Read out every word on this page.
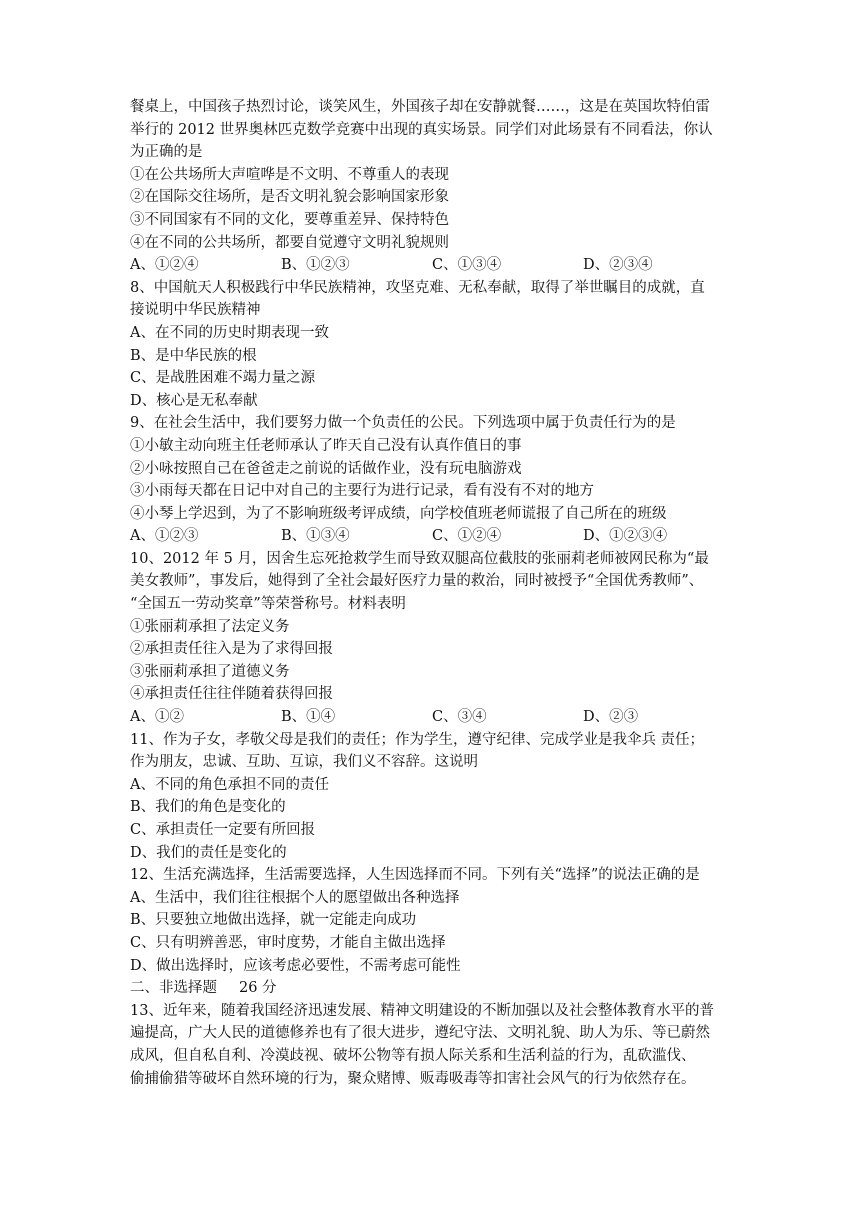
餐桌上，中国孩子热烈讨论，谈笑风生，外国孩子却在安静就餐……，这是在英国坎特伯雷
举行的 2012 世界奥林匹克数学竞赛中出现的真实场景。同学们对此场景有不同看法，你认
为正确的是
①在公共场所大声喧哗是不文明、不尊重人的表现
②在国际交往场所，是否文明礼貌会影响国家形象
③不同国家有不同的文化，要尊重差异、保持特色
④在不同的公共场所，都要自觉遵守文明礼貌规则
A、①②④	B、①②③	C、①③④	D、②③④
8、中国航天人积极践行中华民族精神，攻坚克难、无私奉献，取得了举世瞩目的成就，直
接说明中华民族精神
A、在不同的历史时期表现一致
B、是中华民族的根
C、是战胜困难不竭力量之源
D、核心是无私奉献
9、在社会生活中，我们要努力做一个负责任的公民。下列选项中属于负责任行为的是
①小敏主动向班主任老师承认了昨天自己没有认真作值日的事
②小咏按照自己在爸爸走之前说的话做作业，没有玩电脑游戏
③小雨每天都在日记中对自己的主要行为进行记录，看有没有不对的地方
④小琴上学迟到，为了不影响班级考评成绩，向学校值班老师谎报了自己所在的班级
A、①②③	B、①③④	C、①②④	D、①②③④
10、2012 年 5 月，因舍生忘死抢救学生而导致双腿高位截肢的张丽莉老师被网民称为“最
美女教师”，事发后，她得到了全社会最好医疗力量的救治，同时被授予“全国优秀教师”、
“全国五一劳动奖章”等荣誉称号。材料表明
①张丽莉承担了法定义务
②承担责任往入是为了求得回报
③张丽莉承担了道德义务
④承担责任往往伴随着获得回报
A、①②	B、①④	C、③④	D、②③
11、作为子女，孝敬父母是我们的责任；作为学生，遵守纪律、完成学业是我伞兵 责任；
作为朋友，忠诚、互助、互谅，我们义不容辞。这说明
A、不同的角色承担不同的责任
B、我们的角色是变化的
C、承担责任一定要有所回报
D、我们的责任是变化的
12、生活充满选择，生活需要选择，人生因选择而不同。下列有关“选择”的说法正确的是
A、生活中，我们往往根据个人的愿望做出各种选择
B、只要独立地做出选择，就一定能走向成功
C、只有明辨善恶，审时度势，才能自主做出选择
D、做出选择时，应该考虑必要性，不需考虑可能性
二、非选择题 26 分
13、近年来，随着我国经济迅速发展、精神文明建设的不断加强以及社会整体教育水平的普
遍提高，广大人民的道德修养也有了很大进步，遵纪守法、文明礼貌、助人为乐、等已蔚然
成风，但自私自利、冷漠歧视、破坏公物等有损人际关系和生活利益的行为，乱砍滥伐、
偷捕偷猎等破坏自然环境的行为，聚众赌博、贩毒吸毒等扣害社会风气的行为依然存在。
